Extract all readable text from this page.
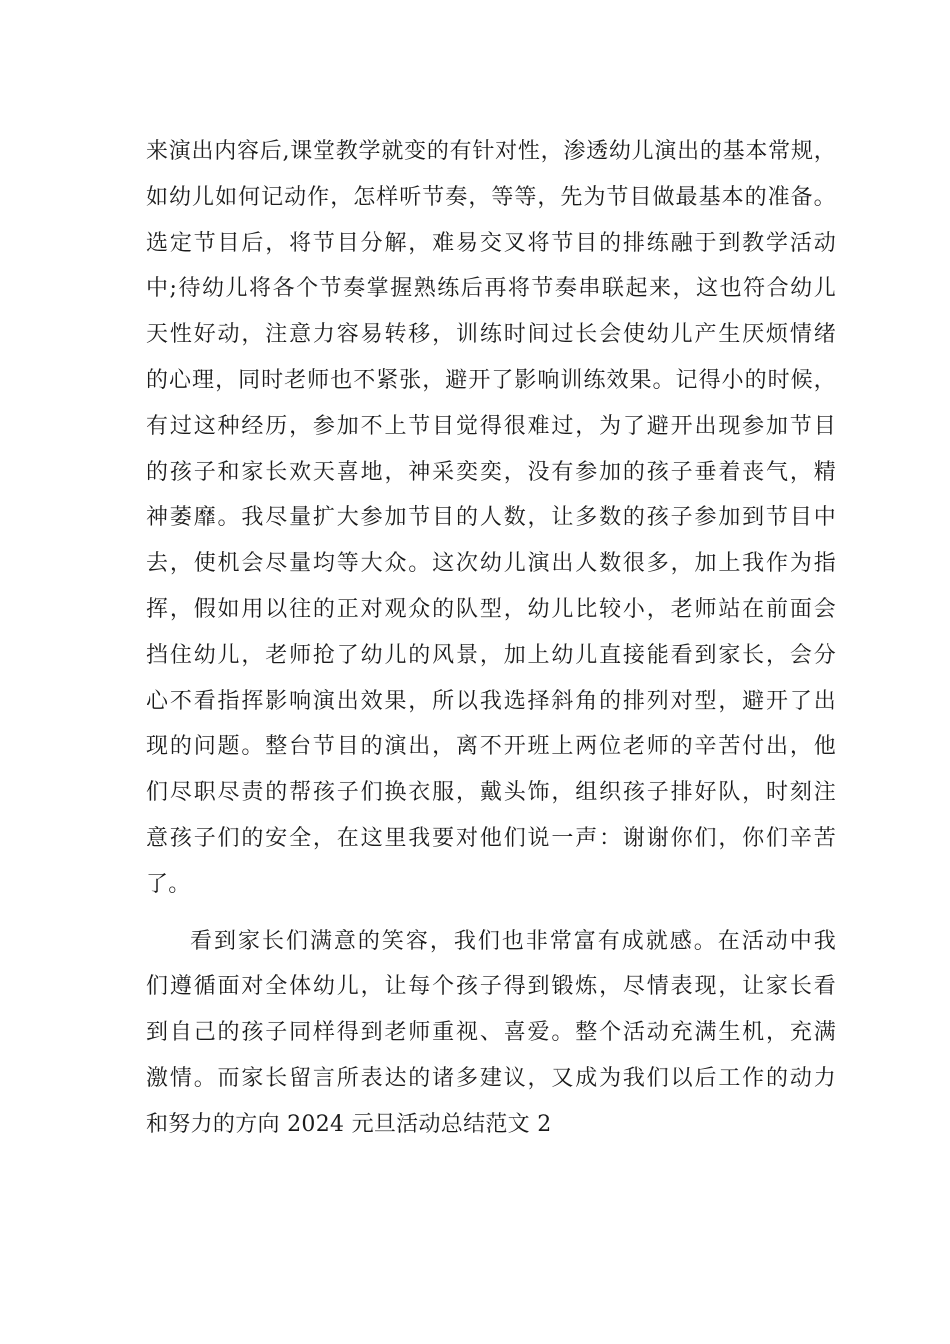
来演出内容后,课堂教学就变的有针对性，渗透幼儿演出的基本常规，
如幼儿如何记动作，怎样听节奏，等等，先为节目做最基本的准备。
选定节目后，将节目分解，难易交叉将节目的排练融于到教学活动
中;待幼儿将各个节奏掌握熟练后再将节奏串联起来，这也符合幼儿
天性好动，注意力容易转移，训练时间过长会使幼儿产生厌烦情绪
的心理，同时老师也不紧张，避开了影响训练效果。记得小的时候，
有过这种经历，参加不上节目觉得很难过，为了避开出现参加节目
的孩子和家长欢天喜地，神采奕奕，没有参加的孩子垂着丧气，精
神萎靡。我尽量扩大参加节目的人数，让多数的孩子参加到节目中
去，使机会尽量均等大众。这次幼儿演出人数很多，加上我作为指
挥，假如用以往的正对观众的队型，幼儿比较小，老师站在前面会
挡住幼儿，老师抢了幼儿的风景，加上幼儿直接能看到家长，会分
心不看指挥影响演出效果，所以我选择斜角的排列对型，避开了出
现的问题。整台节目的演出，离不开班上两位老师的辛苦付出，他
们尽职尽责的帮孩子们换衣服，戴头饰，组织孩子排好队，时刻注
意孩子们的安全，在这里我要对他们说一声：谢谢你们，你们辛苦
了。
看到家长们满意的笑容，我们也非常富有成就感。在活动中我
们遵循面对全体幼儿，让每个孩子得到锻炼，尽情表现，让家长看
到自己的孩子同样得到老师重视、喜爱。整个活动充满生机，充满
激情。而家长留言所表达的诸多建议，又成为我们以后工作的动力
和努力的方向 2024 元旦活动总结范文 2
